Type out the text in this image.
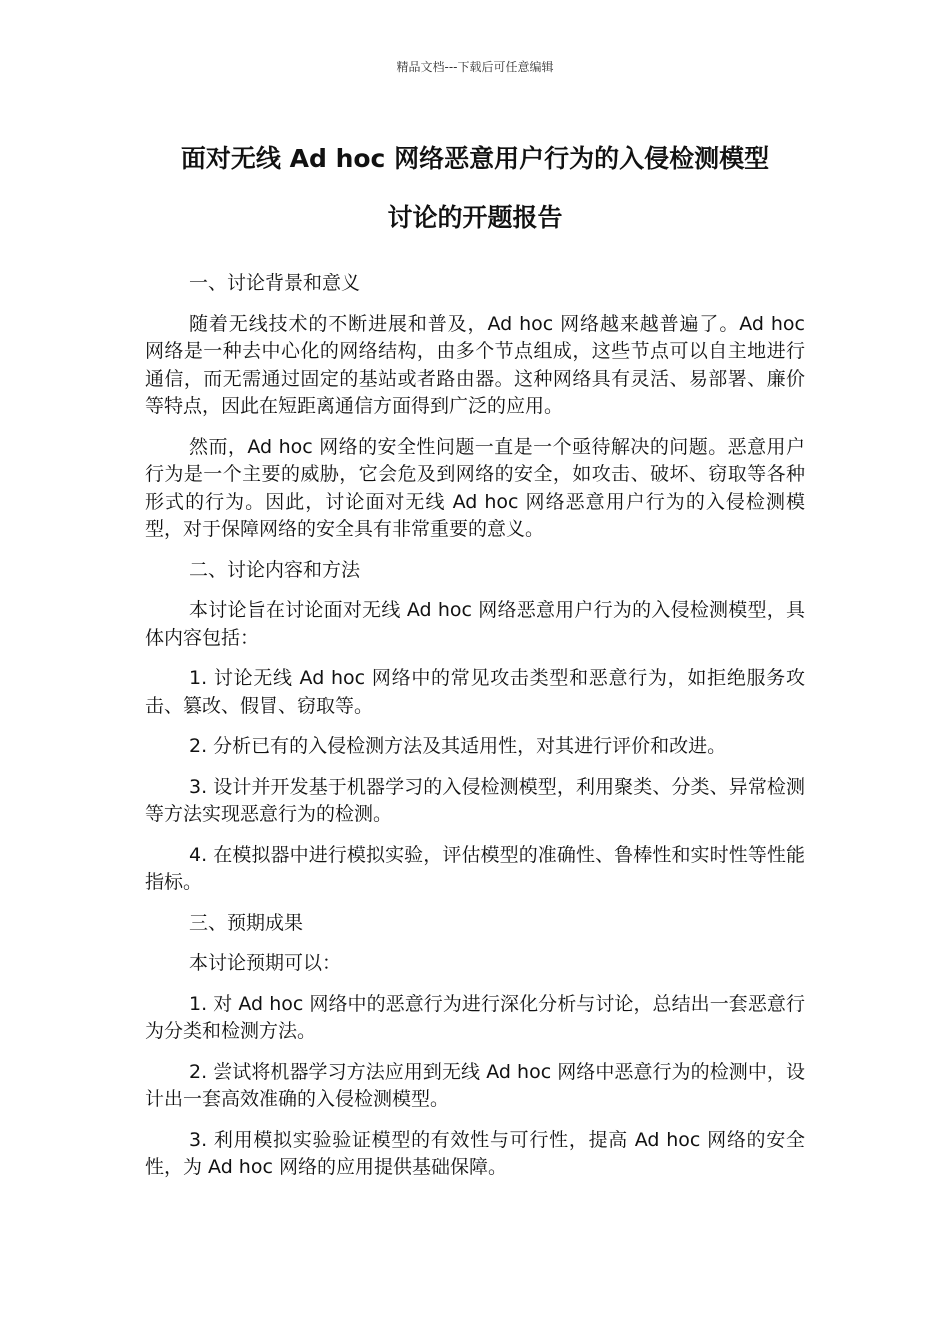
精品文档---下载后可任意编辑
面对无线 Ad hoc 网络恶意用户行为的入侵检测模型
讨论的开题报告

一、讨论背景和意义

随着无线技术的不断进展和普及，Ad hoc 网络越来越普遍了。Ad hoc 网络是一种去中心化的网络结构，由多个节点组成，这些节点可以自主地进行通信，而无需通过固定的基站或者路由器。这种网络具有灵活、易部署、廉价等特点，因此在短距离通信方面得到广泛的应用。

然而，Ad hoc 网络的安全性问题一直是一个亟待解决的问题。恶意用户行为是一个主要的威胁，它会危及到网络的安全，如攻击、破坏、窃取等各种形式的行为。因此，讨论面对无线 Ad hoc 网络恶意用户行为的入侵检测模型，对于保障网络的安全具有非常重要的意义。

二、讨论内容和方法

本讨论旨在讨论面对无线 Ad hoc 网络恶意用户行为的入侵检测模型，具体内容包括：

1. 讨论无线 Ad hoc 网络中的常见攻击类型和恶意行为，如拒绝服务攻击、篡改、假冒、窃取等。

2. 分析已有的入侵检测方法及其适用性，对其进行评价和改进。

3. 设计并开发基于机器学习的入侵检测模型，利用聚类、分类、异常检测等方法实现恶意行为的检测。

4. 在模拟器中进行模拟实验，评估模型的准确性、鲁棒性和实时性等性能指标。

三、预期成果

本讨论预期可以：

1. 对 Ad hoc 网络中的恶意行为进行深化分析与讨论，总结出一套恶意行为分类和检测方法。

2. 尝试将机器学习方法应用到无线 Ad hoc 网络中恶意行为的检测中，设计出一套高效准确的入侵检测模型。

3. 利用模拟实验验证模型的有效性与可行性，提高 Ad hoc 网络的安全性，为 Ad hoc 网络的应用提供基础保障。
